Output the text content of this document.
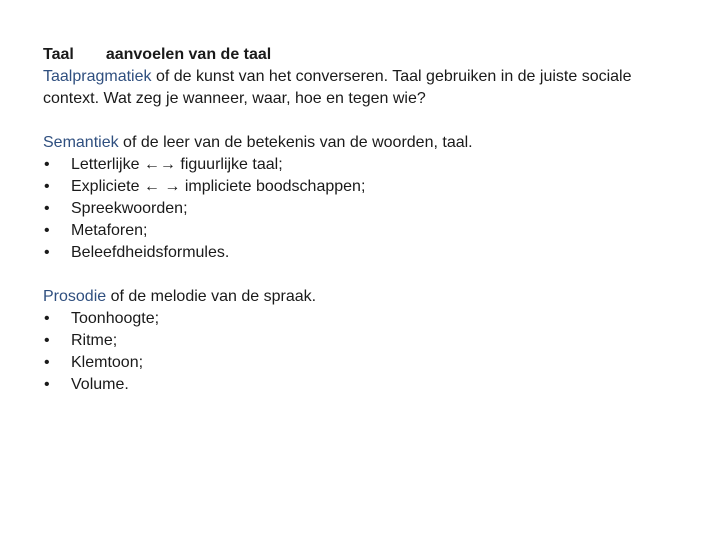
Taal aanvoelen van de taal

Taalpragmatiek of de kunst van het converseren. Taal gebruiken in de juiste sociale context. Wat zeg je wanneer, waar, hoe en tegen wie?

Semantiek of de leer van de betekenis van de woorden, taal.

• Letterlijke ←→ figuurlijke taal;
• Expliciete ← → impliciete boodschappen;
• Spreekwoorden;
• Metaforen;
• Beleefdheidsformules.

Prosodie of de melodie van de spraak.

• Toonhoogte;
• Ritme;
• Klemtoon;
• Volume.
